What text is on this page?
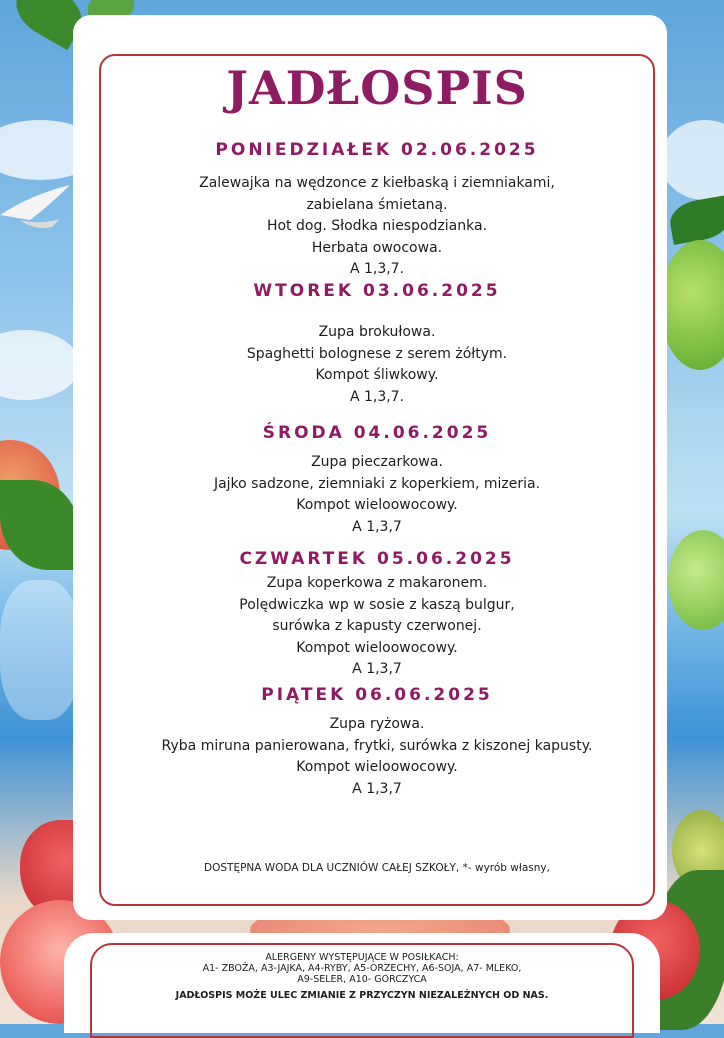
JADŁOSPIS
PONIEDZIAŁEK 02.06.2025
Zalewajka na wędzonce z kiełbaską i ziemniakami,
zabielana śmietaną.
Hot dog. Słodka niespodzianka.
Herbata owocowa.
A 1,3,7.
WTOREK 03.06.2025
Zupa brokułowa.
Spaghetti bolognese z serem żółtym.
Kompot śliwkowy.
A 1,3,7.
ŚRODA 04.06.2025
Zupa pieczarkowa.
Jajko sadzone, ziemniaki z koperkiem, mizeria.
Kompot wieloowocowy.
A 1,3,7
CZWARTEK 05.06.2025
Zupa koperkowa z makaronem.
Polędwiczka wp w sosie z kaszą bulgur,
surówka z kapusty czerwonej.
Kompot wieloowocowy.
A 1,3,7
PIĄTEK 06.06.2025
Zupa ryżowa.
Ryba miruna panierowana, frytki, surówka z kiszonej kapusty.
Kompot wieloowocowy.
A 1,3,7

DOSTĘPNA WODA DLA UCZNIÓW CAŁEJ SZKOŁY, *- wyrób własny,

ALERGENY WYSTĘPUJĄCE W POSIŁKACH:

A1- ZBOŻA, A3-JAJKA, A4-RYBY, A5-ORZECHY, A6-SOJA, A7- MLEKO,

A9-SELER, A10- GORCZYCA

JADŁOSPIS MOŻE ULEC ZMIANIE Z PRZYCZYN NIEZALEŻNYCH OD NAS.
